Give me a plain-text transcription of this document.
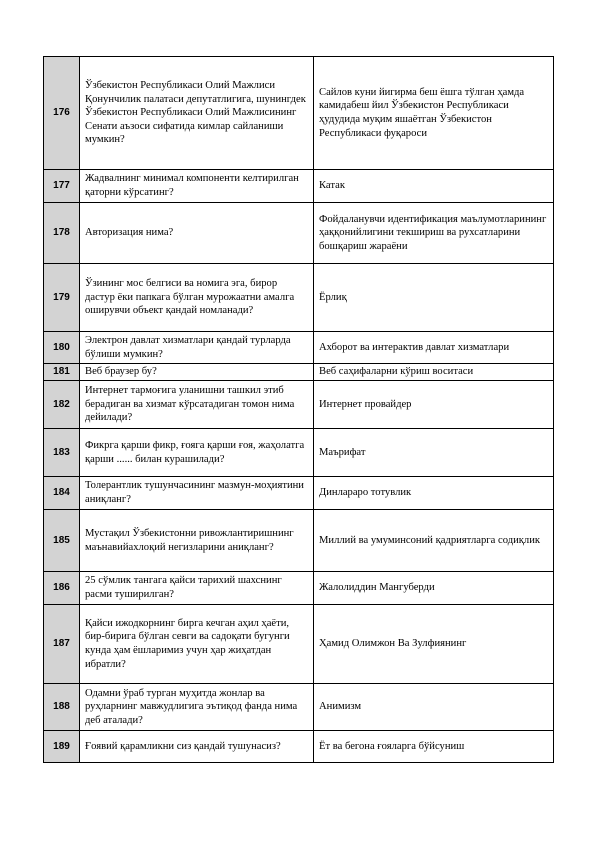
176	Ўзбекистон Республикаси Олий Мажлиси Қонунчилик палатаси депутатлигига, шунингдек Ўзбекистон Республикаси Олий Мажлисининг Сенати аъзоси сифатида кимлар сайланиши мумкин?	Сайлов куни йигирма беш ёшга тўлган ҳамда камидабеш йил Ўзбекистон Республикаси ҳудудида муқим яшаётган Ўзбекистон Республикаси фуқароси
177	Жадвалнинг минимал компоненти келтирилган қаторни кўрсатинг?	Катак
178	Авторизация нима?	Фойдаланувчи идентификация маълумотларининг ҳаққонийлигини текшириш ва рухсатларини бошқариш жараёни
179	Ўзининг мос белгиси ва номига эга, бирор дастур ёки папкага бўлган мурожаатни амалга оширувчи объект қандай номланади?	Ёрлиқ
180	Электрон давлат хизматлари қандай турларда бўлиши мумкин?	Ахборот ва интерактив давлат хизматлари
181	Веб браузер бу?	Веб саҳифаларни кўриш воситаси
182	Интернет тармоғига уланишни ташкил этиб берадиган ва хизмат кўрсатадиган томон нима дейилади?	Интернет провайдер
183	Фикрга қарши фикр, ғояга қарши ғоя, жаҳолатга қарши ...... билан курашилади?	Маърифат
184	Толерантлик тушунчасининг мазмун-моҳиятини аниқланг?	Динлараро тотувлик
185	Мустақил Ўзбекистонни ривожлантиришнинг маънавийахлоқий негизларини аниқланг?	Миллий ва умуминсоний қадриятларга содиқлик
186	25 сўмлик тангага қайси тарихий шахснинг расми туширилган?	Жалолиддин Мангуберди
187	Қайси ижодкорнинг бирга кечган аҳил ҳаёти, бир-бирига бўлган севги ва садоқати бугунги кунда ҳам ёшларимиз учун ҳар жиҳатдан ибратли?	Ҳамид Олимжон Ва Зулфиянинг
188	Одамни ўраб турган муҳитда жонлар ва руҳларнинг мавжудлигига эътиқод фанда нима деб аталади?	Анимизм
189	Ғоявий қарамликни сиз қандай тушунасиз?	Ёт ва бегона ғояларга бўйсуниш
